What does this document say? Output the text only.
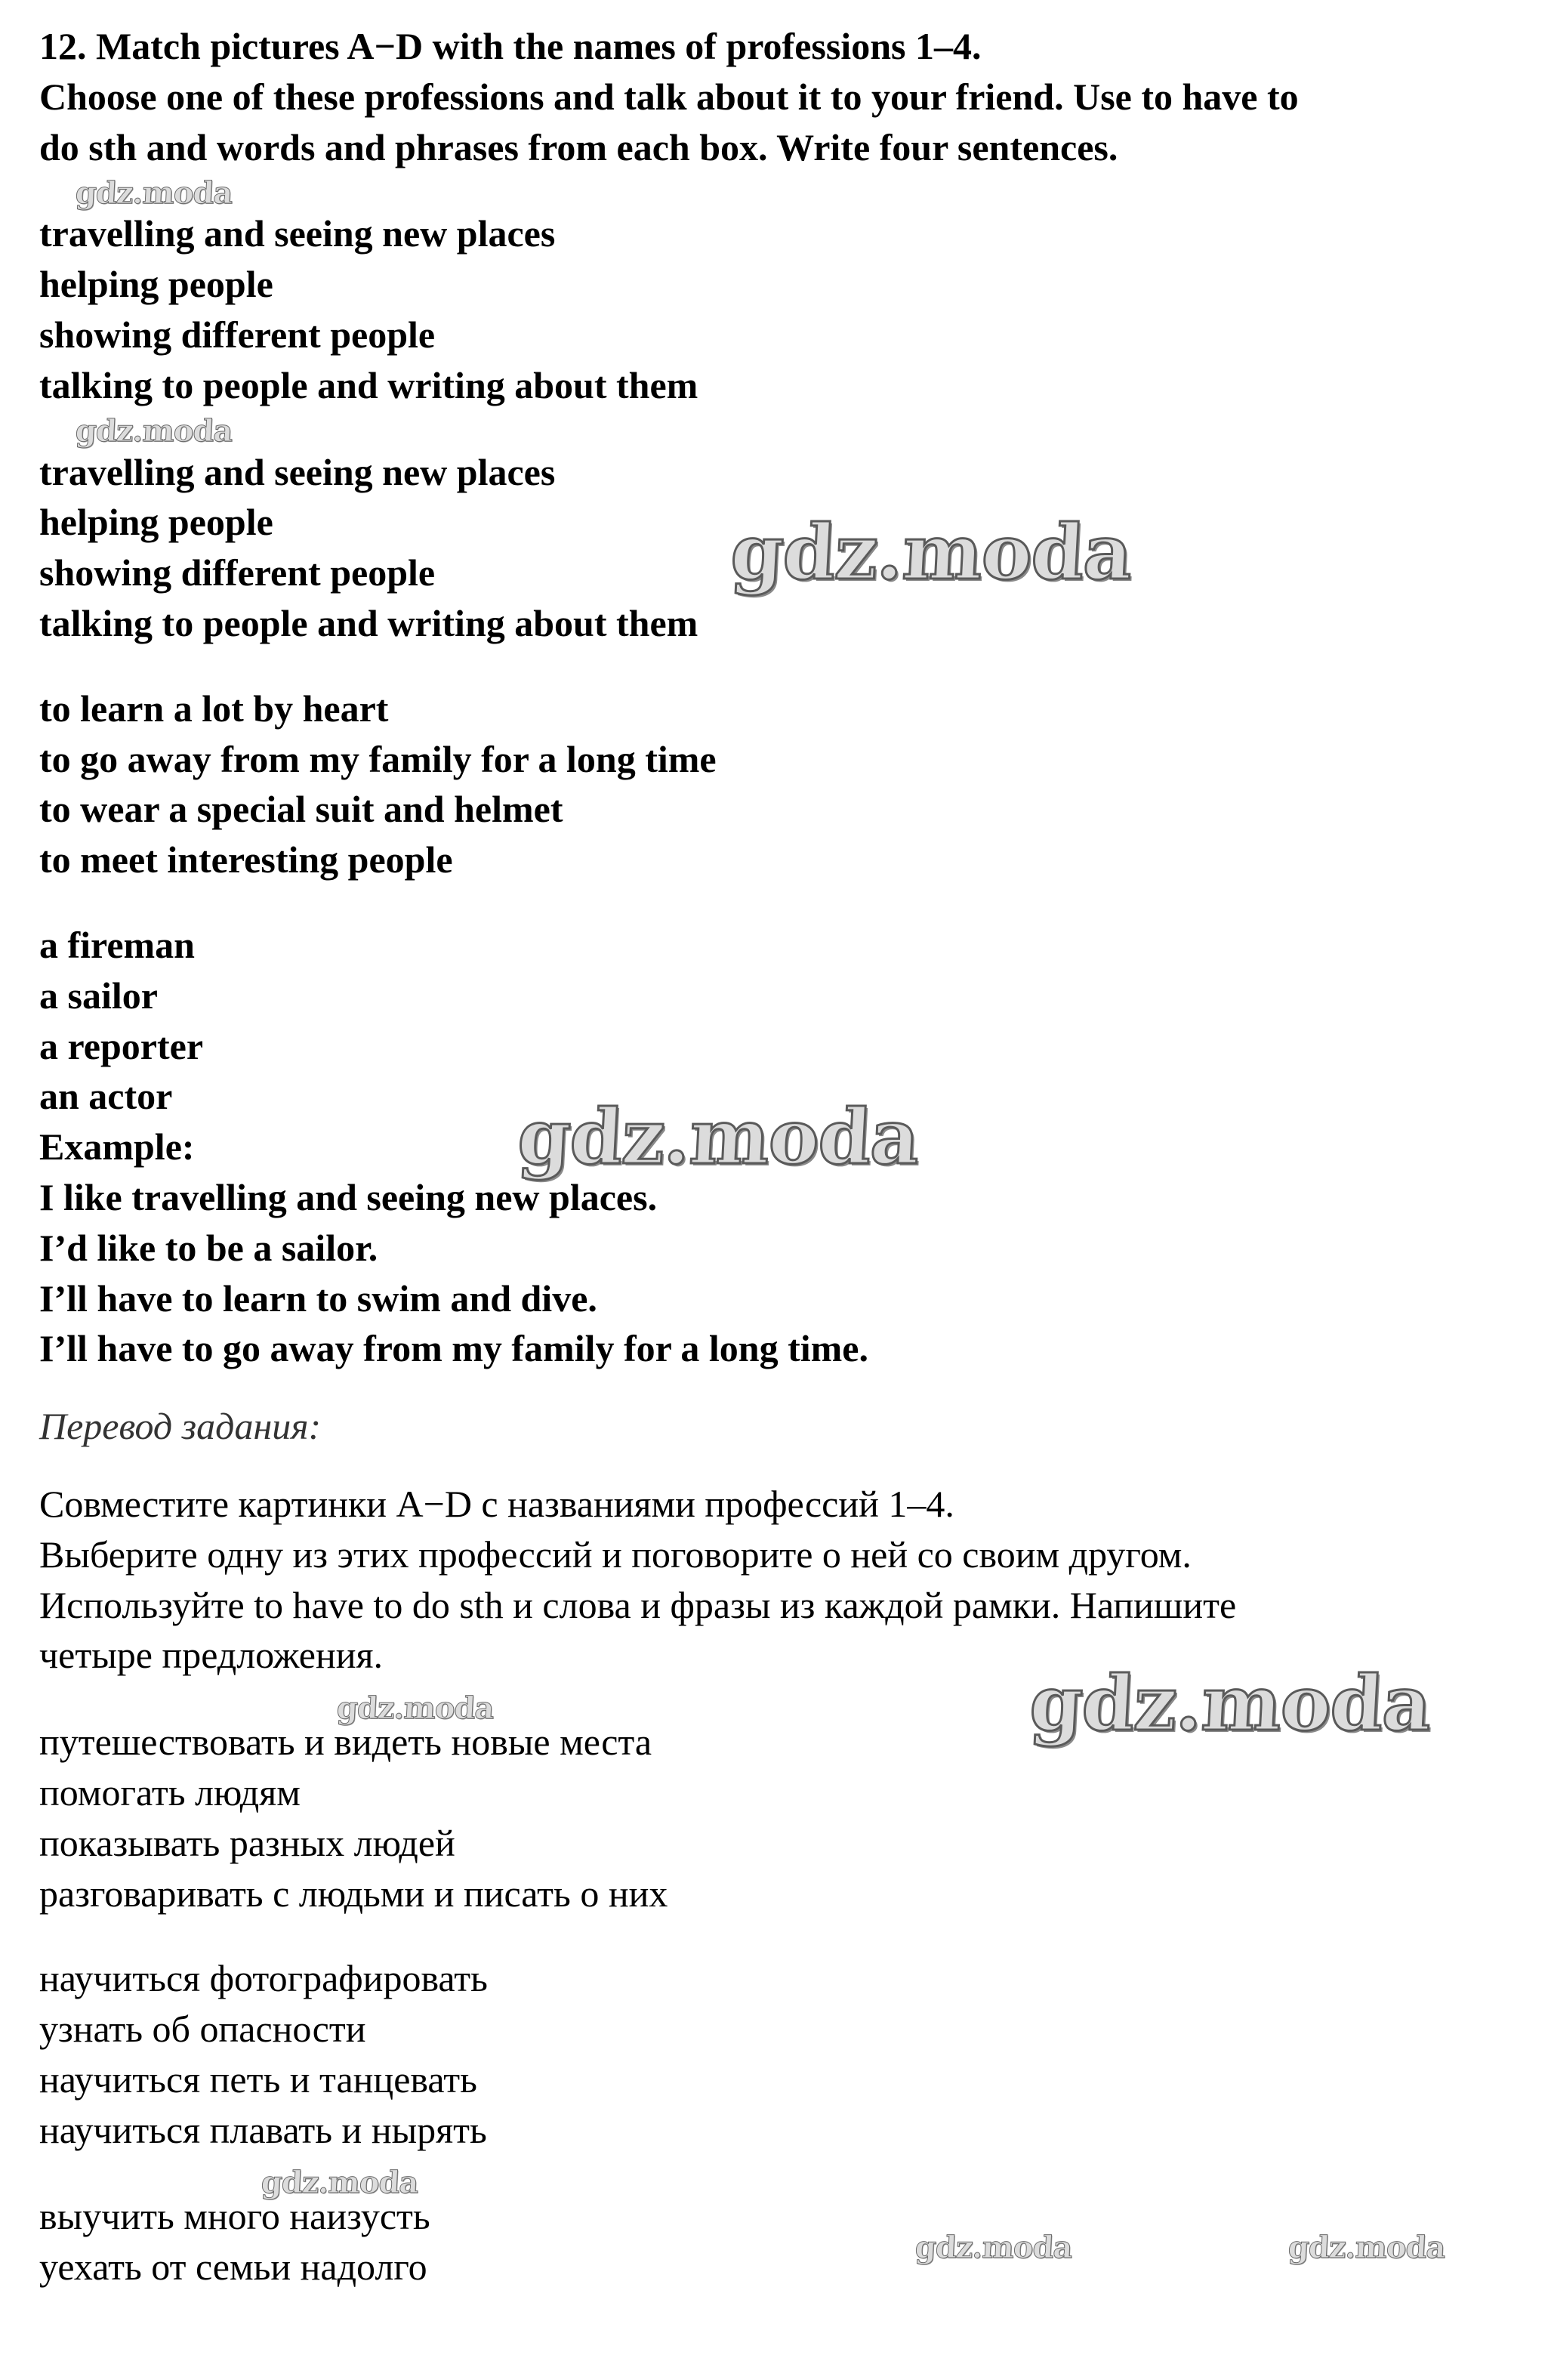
12. Match pictures A−D with the names of professions 1–4.

Choose one of these professions and talk about it to your friend. Use to have to

do sth and words and phrases from each box. Write four sentences.

travelling and seeing new places

helping people

showing different people

talking to people and writing about them

travelling and seeing new places

helping people

showing different people

talking to people and writing about them

to learn a lot by heart

to go away from my family for a long time

to wear a special suit and helmet

to meet interesting people

a fireman

a sailor

a reporter

an actor

Example:

I like travelling and seeing new places.

I’d like to be a sailor.

I’ll have to learn to swim and dive.

I’ll have to go away from my family for a long time.

Перевод задания:

Совместите картинки A−D с названиями профессий 1–4.

Выберите одну из этих профессий и поговорите о ней со своим другом.

Используйте to have to do sth и слова и фразы из каждой рамки. Напишите

четыре предложения.

путешествовать и видеть новые места

помогать людям

показывать разных людей

разговаривать с людьми и писать о них

научиться фотографировать

узнать об опасности

научиться петь и танцевать

научиться плавать и нырять

выучить много наизусть

уехать от семьи надолго

gdz.moda
gdz.moda
gdz.moda
gdz.moda
gdz.moda
gdz.moda
gdz.moda
gdz.moda	gdz.moda
